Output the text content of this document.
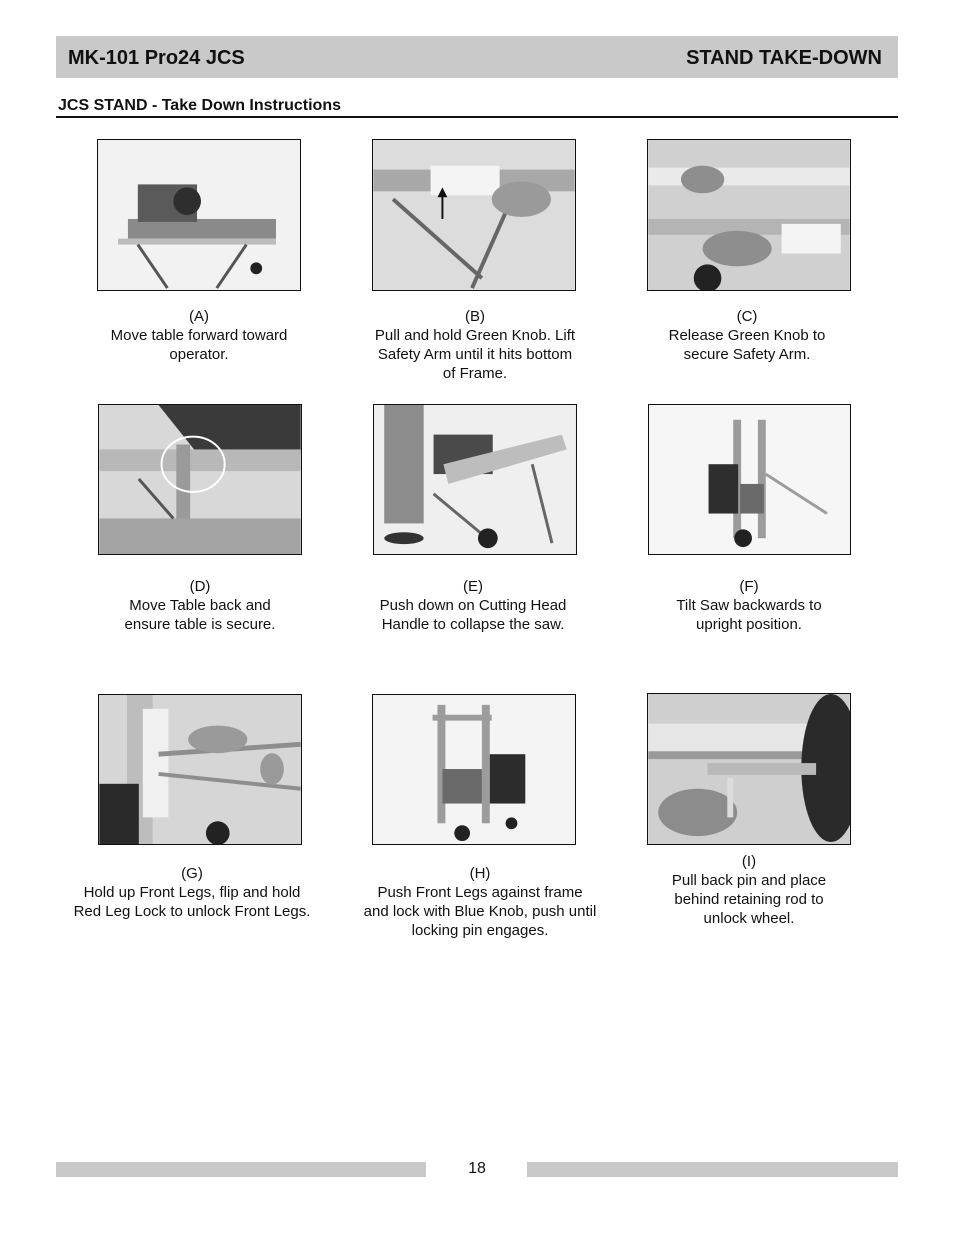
MK-101 Pro24 JCS	STAND TAKE-DOWN
JCS STAND - Take Down Instructions
(A)
Move table forward toward
operator.
(B)
Pull and hold Green Knob. Lift
Safety Arm until it hits bottom
of Frame.
(C)
Release Green Knob to
secure Safety Arm.
(D)
Move Table back and
ensure table is secure.
(E)
Push down on Cutting Head
Handle to collapse the saw.
(F)
Tilt Saw backwards to
upright position.
(G)
Hold up Front Legs, flip and hold
Red Leg Lock to unlock Front Legs.
(H)
Push Front Legs against frame
and lock with Blue Knob, push until
locking pin engages.
(I)
Pull back pin and place
behind retaining rod to
unlock wheel.
18
